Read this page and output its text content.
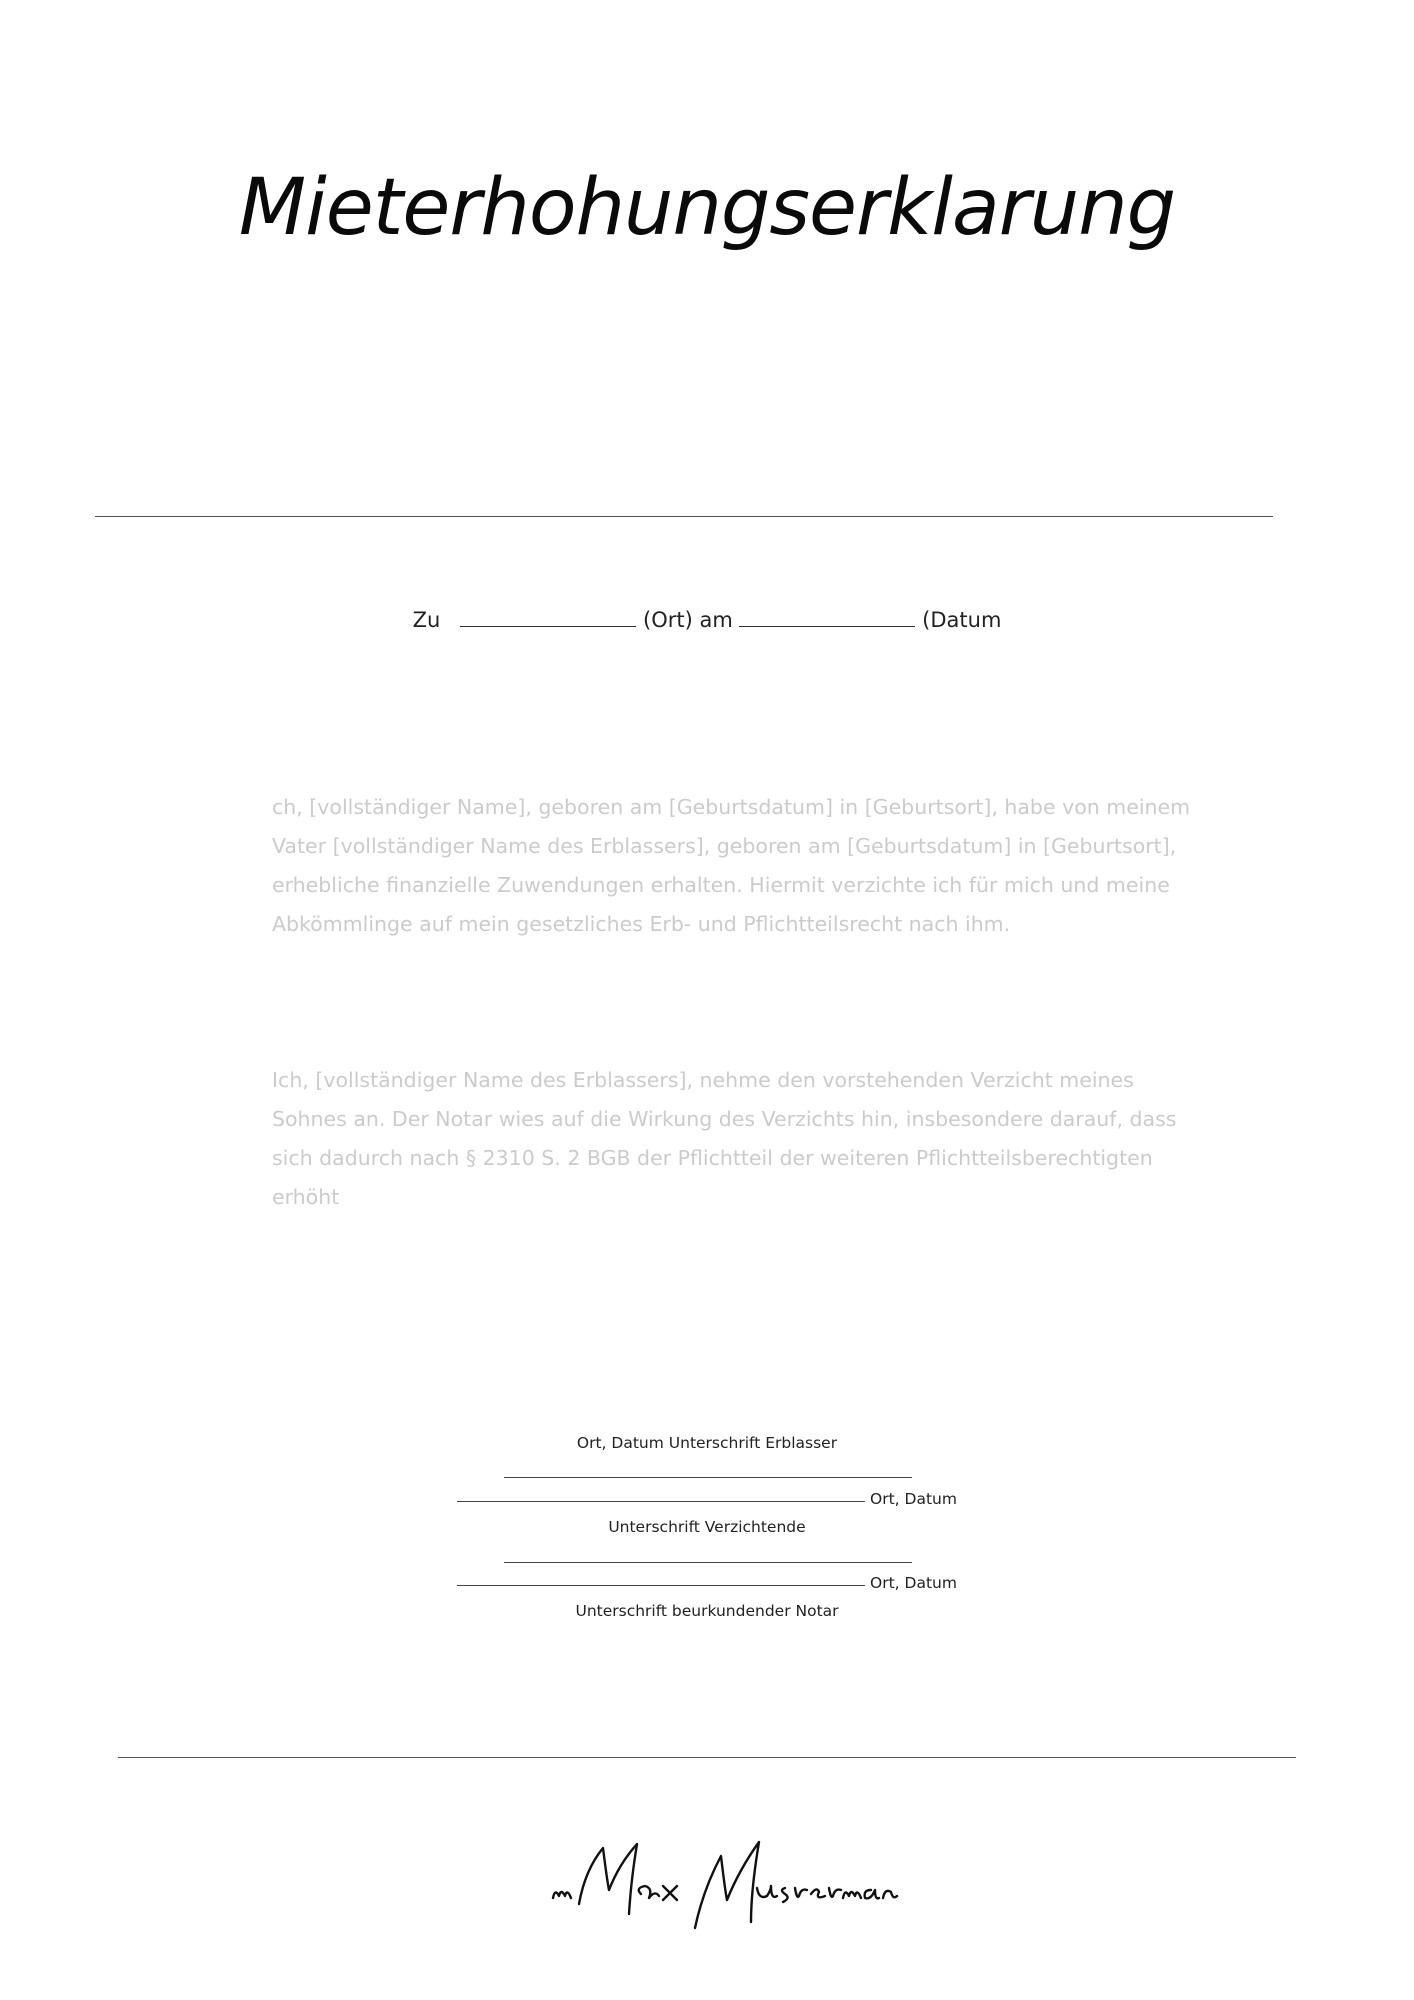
Mieterhohungserklarung
Zu	(Ort) am	(Datum
ch, [vollständiger Name], geboren am [Geburtsdatum] in [Geburtsort], habe von meinem Vater [vollständiger Name des Erblassers], geboren am [Geburtsdatum] in [Geburtsort], erhebliche finanzielle Zuwendungen erhalten. Hiermit verzichte ich für mich und meine Abkömmlinge auf mein gesetzliches Erb- und Pflichtteilsrecht nach ihm.
Ich, [vollständiger Name des Erblassers], nehme den vorstehenden Verzicht meines Sohnes an. Der Notar wies auf die Wirkung des Verzichts hin, insbesondere darauf, dass sich dadurch nach § 2310 S. 2 BGB der Pflichtteil der weiteren Pflichtteilsberechtigten erhöht
Ort, Datum Unterschrift Erblasser
Ort, Datum
Unterschrift Verzichtende
Ort, Datum
Unterschrift beurkundender Notar
